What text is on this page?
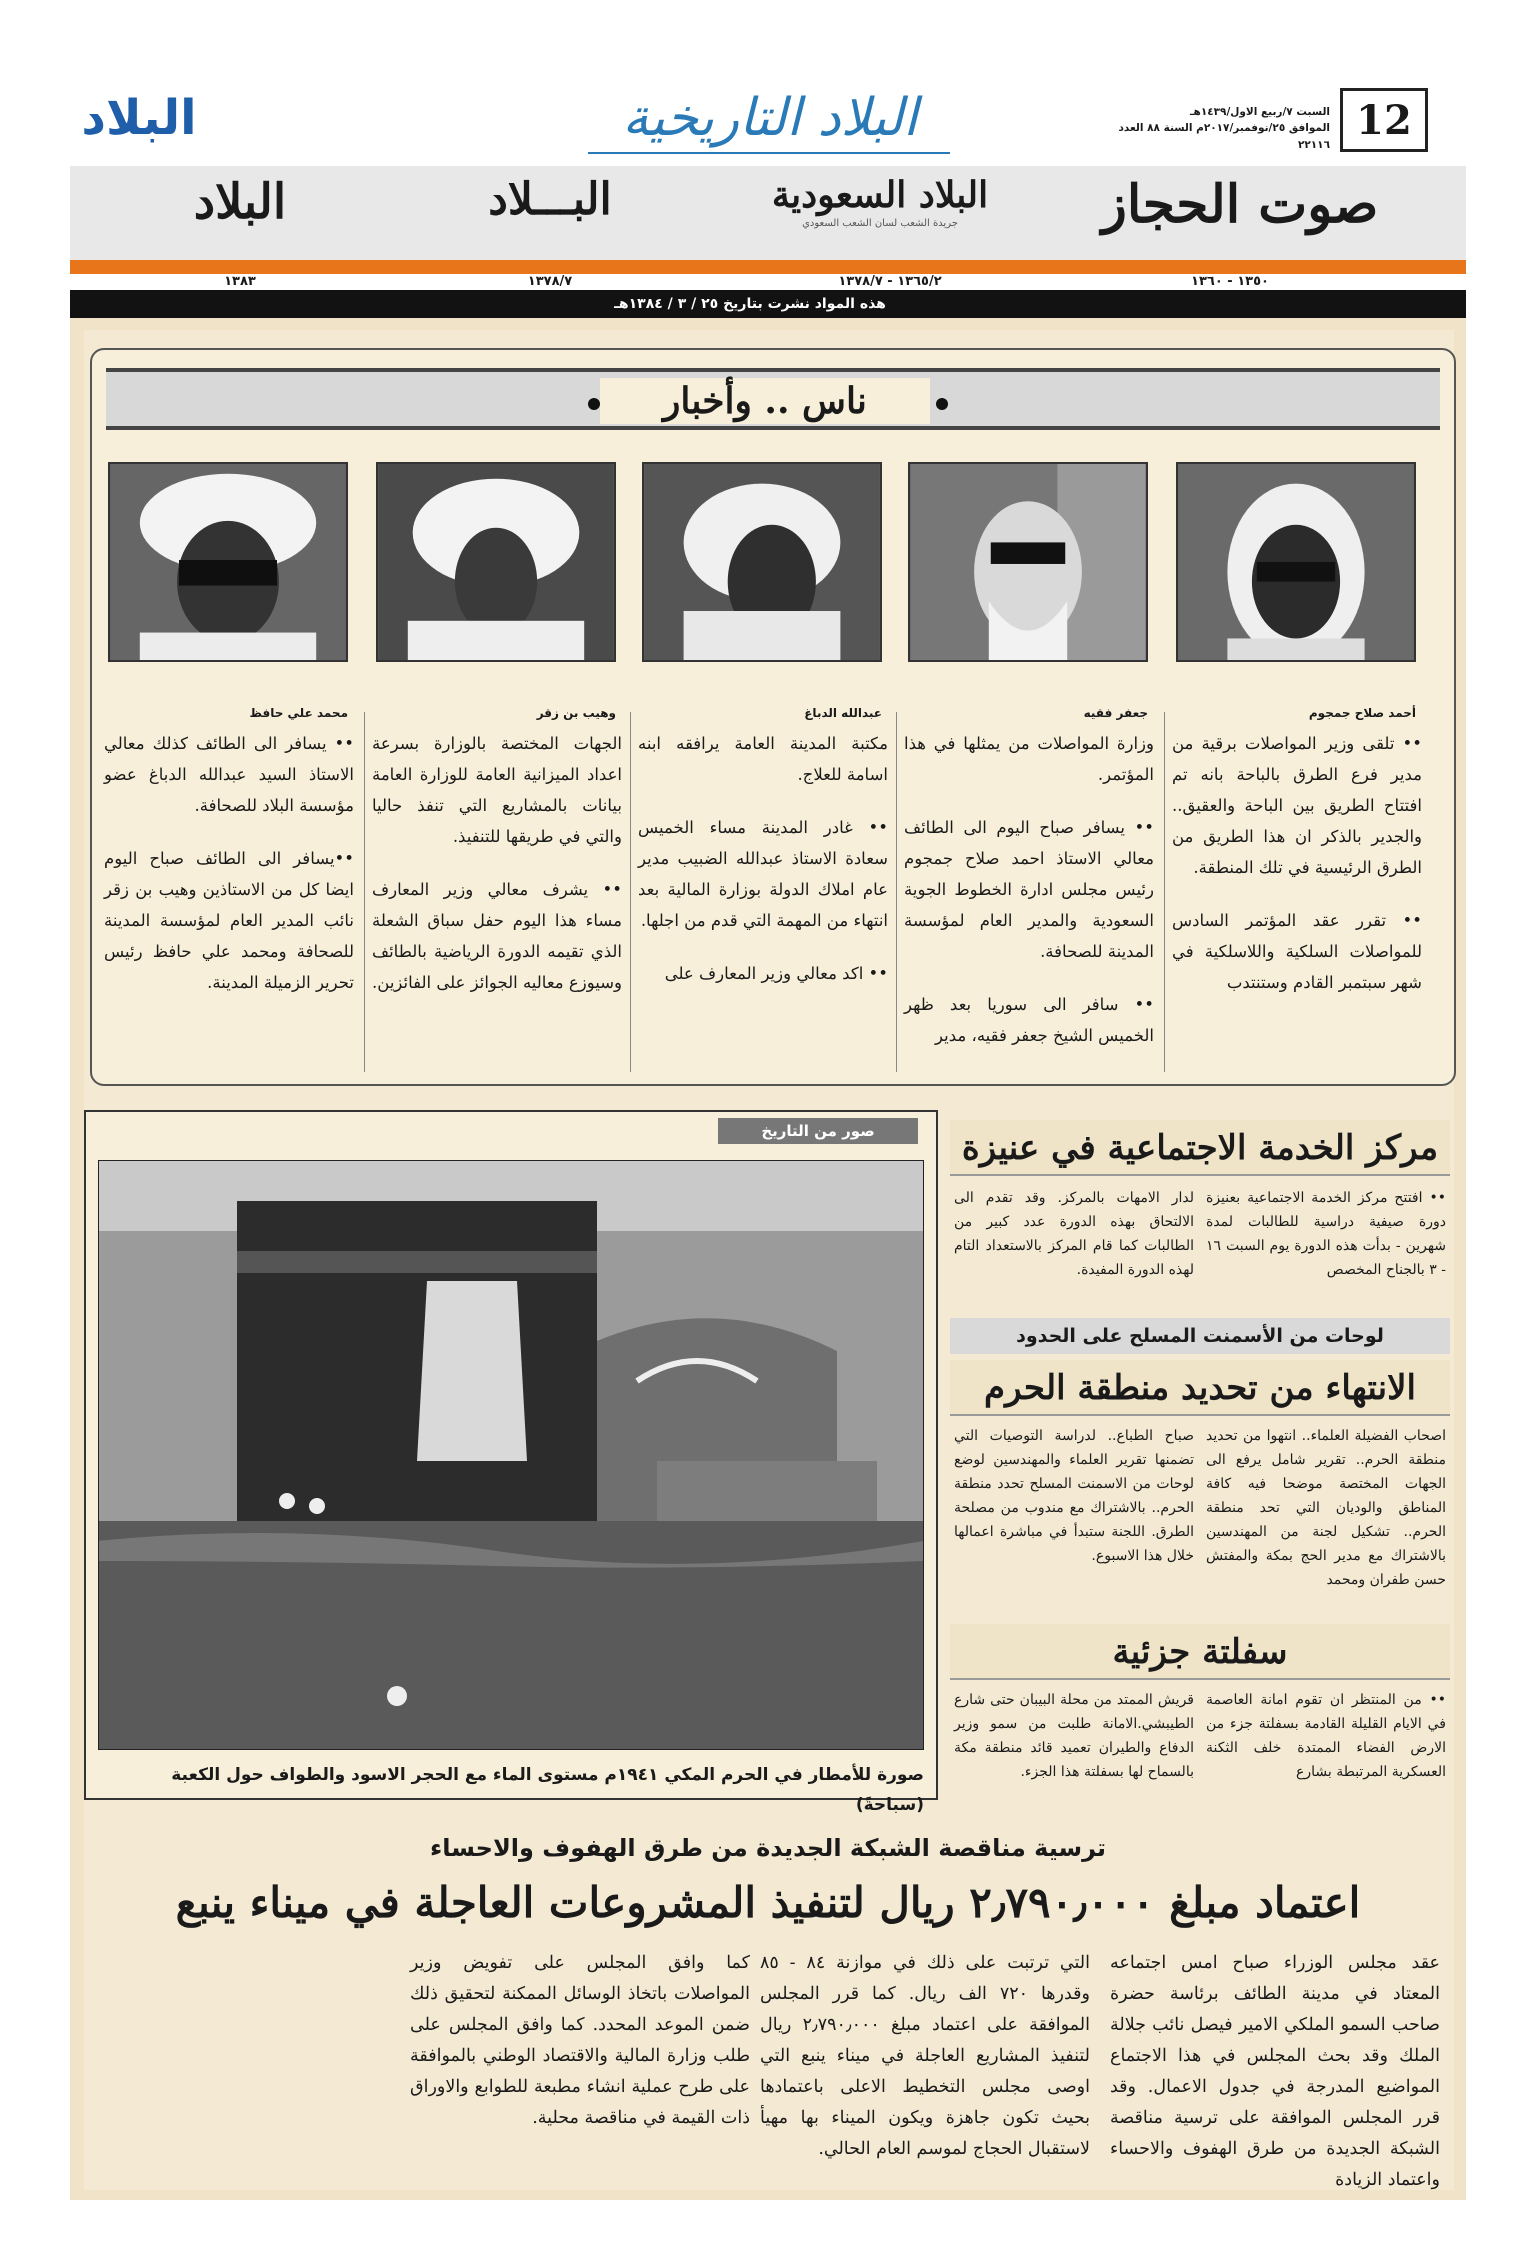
12
السبت ٧/ربيع الاول/١٤٣٩هـ
الموافق ٢٥/نوفمبر/٢٠١٧م السنة ٨٨ العدد ٢٢١١٦
البلاد التاريخية
البلاد
صوت الحجاز
البلاد السعودية
جريدة الشعب لسان الشعب السعودي
البـــلاد
البلاد
١٣٥٠ - ١٣٦٠
١٣٦٥/٢ - ١٣٧٨/٧
١٣٧٨/٧
١٣٨٣
هذه المواد نشرت بتاريخ ٢٥ / ٣ / ١٣٨٤هـ
ناس .. وأخبار
أحمد صلاح جمجوم
جعفر فقيه
عبدالله الدباغ
وهيب بن زقر
محمد علي حافظ

•• تلقى وزير المواصلات برقية من مدير فرع الطرق بالباحة بانه تم افتتاح الطريق بين الباحة والعقيق.. والجدير بالذكر ان هذا الطريق من الطرق الرئيسية في تلك المنطقة.

•• تقرر عقد المؤتمر السادس للمواصلات السلكية واللاسلكية في شهر سبتمبر القادم وستنتدب

وزارة المواصلات من يمثلها في هذا المؤتمر.

•• يسافر صباح اليوم الى الطائف معالي الاستاذ احمد صلاح جمجوم رئيس مجلس ادارة الخطوط الجوية السعودية والمدير العام لمؤسسة المدينة للصحافة.

•• سافر الى سوريا بعد ظهر الخميس الشيخ جعفر فقيه، مدير

مكتبة المدينة العامة يرافقه ابنه اسامة للعلاج.

•• غادر المدينة مساء الخميس سعادة الاستاذ عبدالله الضبيب مدير عام املاك الدولة بوزارة المالية بعد انتهاء من المهمة التي قدم من اجلها.

•• اكد معالي وزير المعارف على

الجهات المختصة بالوزارة بسرعة اعداد الميزانية العامة للوزارة العامة بيانات بالمشاريع التي تنفذ حاليا والتي في طريقها للتنفيذ.

•• يشرف معالي وزير المعارف مساء هذا اليوم حفل سباق الشعلة الذي تقيمه الدورة الرياضية بالطائف وسيوزع معاليه الجوائز على الفائزين.

•• يسافر الى الطائف كذلك معالي الاستاذ السيد عبدالله الدباغ عضو مؤسسة البلاد للصحافة.

••يسافر الى الطائف صباح اليوم ايضا كل من الاستاذين وهيب بن زقر نائب المدير العام لمؤسسة المدينة للصحافة ومحمد علي حافظ رئيس تحرير الزميلة المدينة.

صور من التاريخ
صورة للأمطار في الحرم المكي ١٩٤١م مستوى الماء مع الحجر الاسود والطواف حول الكعبة (سباحةً)
مركز الخدمة الاجتماعية في عنيزة
•• افتتح مركز الخدمة الاجتماعية بعنيزة دورة صيفية دراسية للطالبات لمدة شهرين - بدأت هذه الدورة يوم السبت ١٦ - ٣ بالجناح المخصص
لدار الامهات بالمركز. وقد تقدم الى الالتحاق بهذه الدورة عدد كبير من الطالبات كما قام المركز بالاستعداد التام لهذه الدورة المفيدة.
لوحات من الأسمنت المسلح على الحدود
الانتهاء من تحديد منطقة الحرم
اصحاب الفضيلة العلماء.. انتهوا من تحديد منطقة الحرم.. تقرير شامل يرفع الى الجهات المختصة موضحا فيه كافة المناطق والوديان التي تحد منطقة الحرم.. تشكيل لجنة من المهندسين بالاشتراك مع مدير الحج بمكة والمفتش حسن طفران ومحمد
صباح الطباع.. لدراسة التوصيات التي تضمنها تقرير العلماء والمهندسين لوضع لوحات من الاسمنت المسلح تحدد منطقة الحرم.. بالاشتراك مع مندوب من مصلحة الطرق. اللجنة ستبدأ في مباشرة اعمالها خلال هذا الاسبوع.
سفلتة جزئية
•• من المنتظر ان تقوم امانة العاصمة في الايام القليلة القادمة بسفلتة جزء من الارض الفضاء الممتدة خلف الثكنة العسكرية المرتبطة بشارع
قريش الممتد من محلة البيبان حتى شارع الطيبشي.الامانة طلبت من سمو وزير الدفاع والطيران تعميد قائد منطقة مكة بالسماح لها بسفلتة هذا الجزء.
ترسية مناقصة الشبكة الجديدة من طرق الهفوف والاحساء
اعتماد مبلغ ٢٫٧٩٠٫٠٠٠ ريال لتنفيذ المشروعات العاجلة في ميناء ينبع
عقد مجلس الوزراء صباح امس اجتماعه المعتاد في مدينة الطائف برئاسة حضرة صاحب السمو الملكي الامير فيصل نائب جلالة الملك وقد بحث المجلس في هذا الاجتماع المواضيع المدرجة في جدول الاعمال. وقد قرر المجلس الموافقة على ترسية مناقصة الشبكة الجديدة من طرق الهفوف والاحساء واعتماد الزيادة
التي ترتبت على ذلك في موازنة ٨٤ - ٨٥ وقدرها ٧٢٠ الف ريال. كما قرر المجلس الموافقة على اعتماد مبلغ ٢٫٧٩٠٫٠٠٠ ريال لتنفيذ المشاريع العاجلة في ميناء ينبع التي اوصى مجلس التخطيط الاعلى باعتمادها بحيث تكون جاهزة ويكون الميناء بها مهيأ لاستقبال الحجاج لموسم العام الحالي.
كما وافق المجلس على تفويض وزير المواصلات باتخاذ الوسائل الممكنة لتحقيق ذلك ضمن الموعد المحدد. كما وافق المجلس على طلب وزارة المالية والاقتصاد الوطني بالموافقة على طرح عملية انشاء مطبعة للطوابع والاوراق ذات القيمة في مناقصة محلية.
